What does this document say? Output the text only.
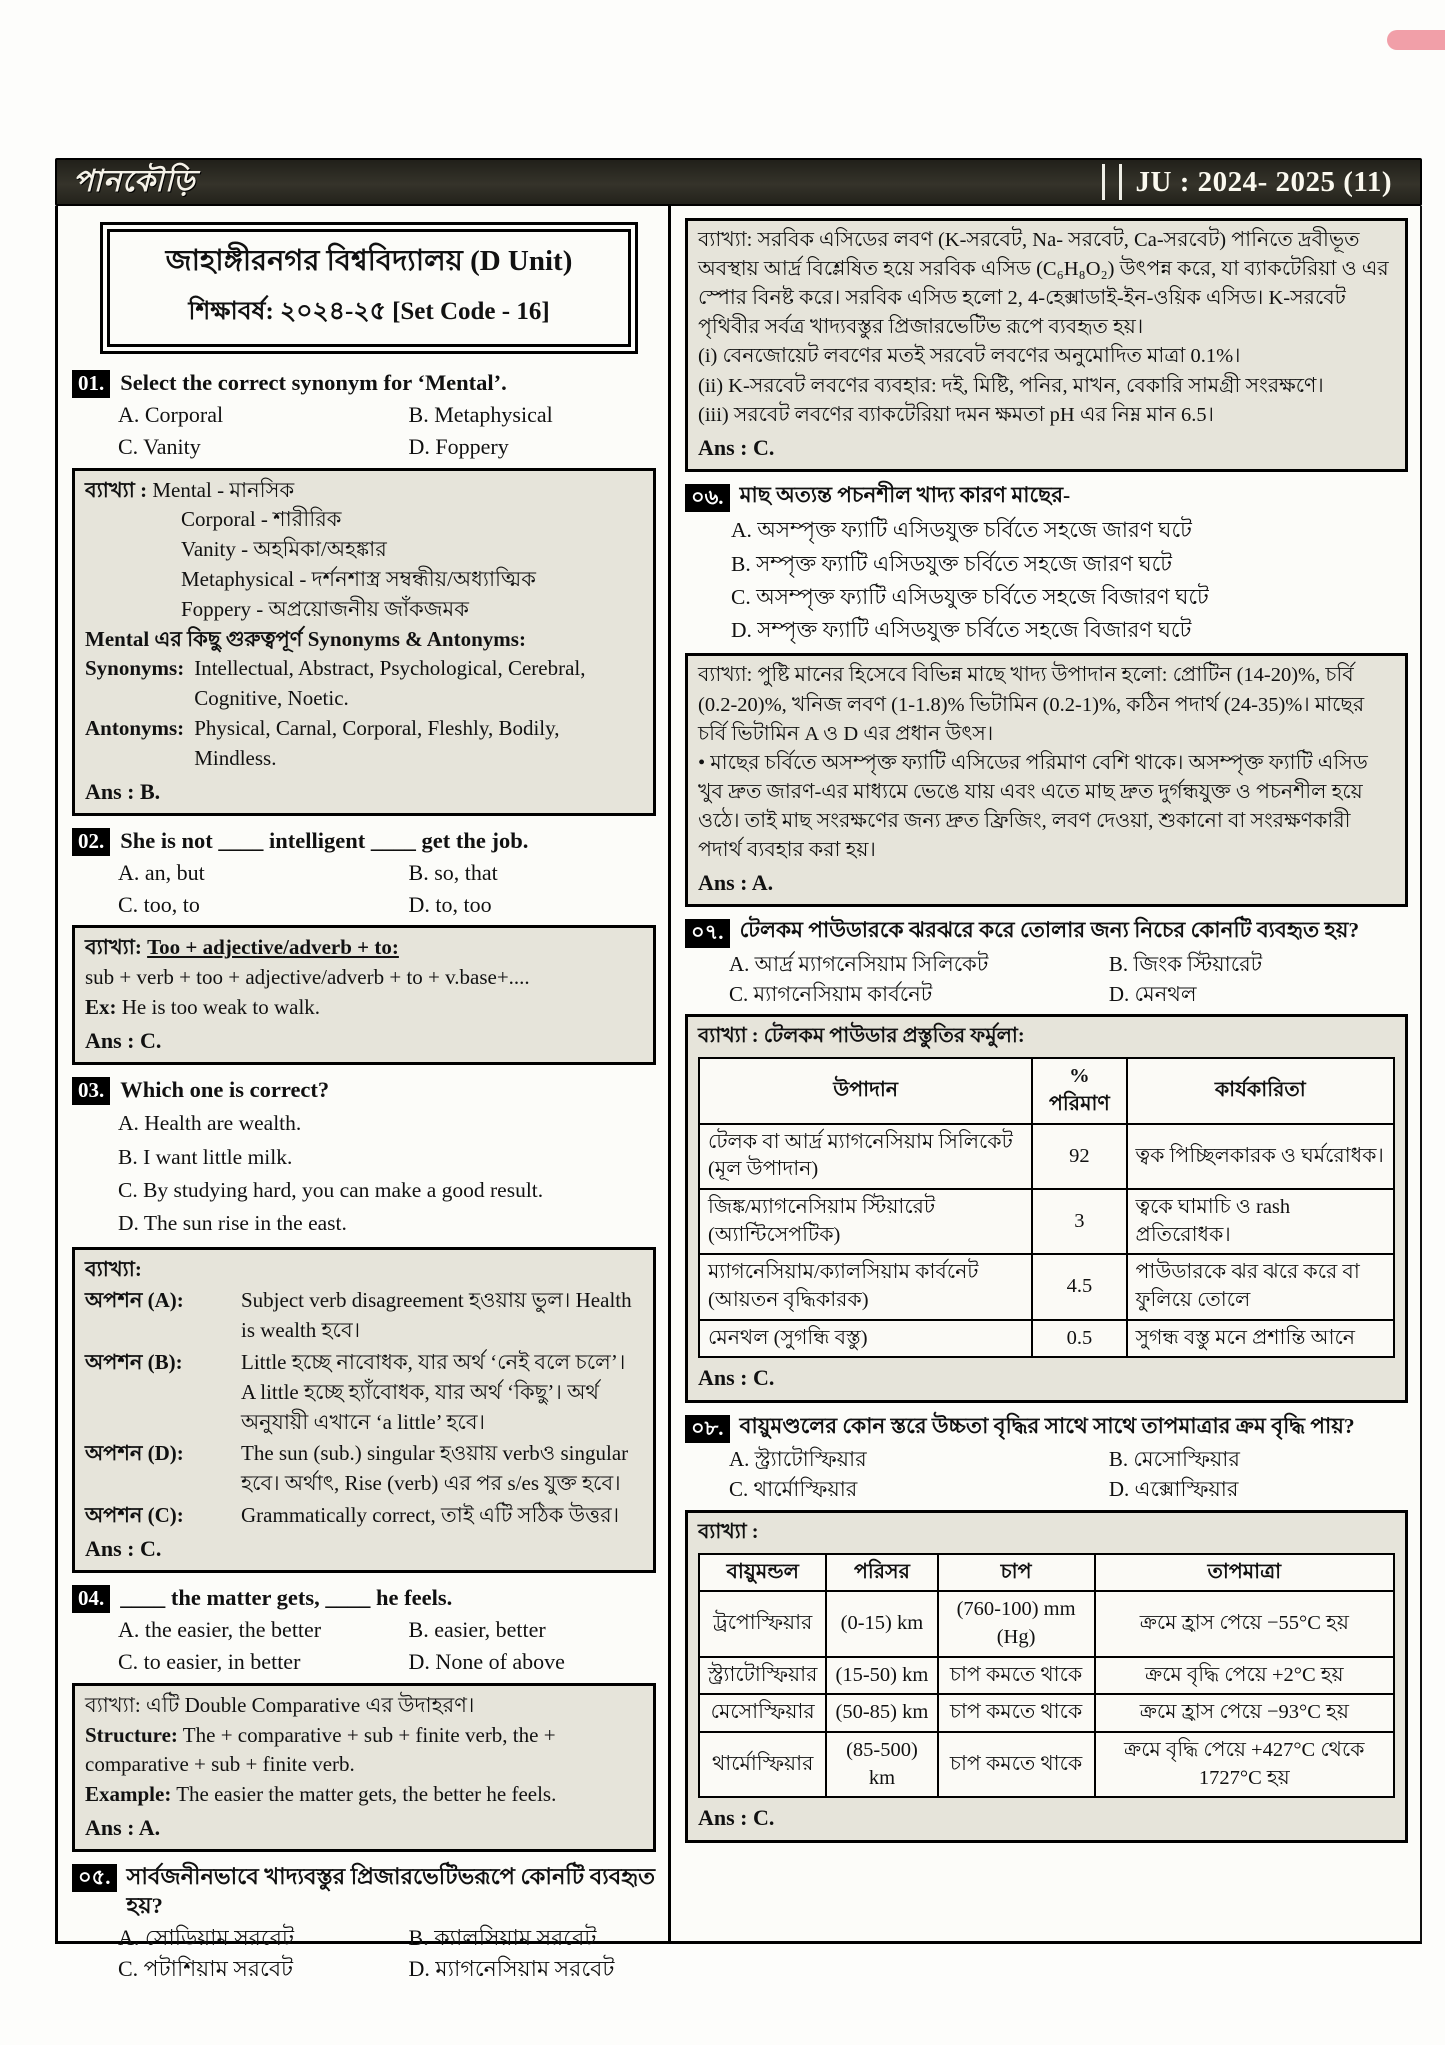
পানকৌড়ি	JU : 2024- 2025 (11)
জাহাঙ্গীরনগর বিশ্ববিদ্যালয় (D Unit)
শিক্ষাবর্ষ: ২০২৪-২৫ [Set Code - 16]
01. Select the correct synonym for ‘Mental’.
A. Corporal	B. Metaphysical
C. Vanity	D. Foppery
ব্যাখ্যা : Mental - মানসিক
Corporal - শারীরিক
Vanity - অহমিকা/অহঙ্কার
Metaphysical - দর্শনশাস্ত্র সম্বন্ধীয়/অধ্যাত্মিক
Foppery - অপ্রয়োজনীয় জাঁকজমক
Mental এর কিছু গুরুত্বপূর্ণ Synonyms & Antonyms:
Synonyms: Intellectual, Abstract, Psychological, Cerebral, Cognitive, Noetic.
Antonyms: Physical, Carnal, Corporal, Fleshly, Bodily, Mindless.
Ans : B.
02. She is not ____ intelligent ____ get the job.
A. an, but	B. so, that
C. too, to	D. to, too
ব্যাখ্যা: Too + adjective/adverb + to:
sub + verb + too + adjective/adverb + to + v.base+....
Ex: He is too weak to walk.
Ans : C.
03. Which one is correct?
A. Health are wealth.
B. I want little milk.
C. By studying hard, you can make a good result.
D. The sun rise in the east.
ব্যাখ্যা:
অপশন (A):	Subject verb disagreement হওয়ায় ভুল। Health is wealth হবে।
অপশন (B):	Little হচ্ছে নাবোধক, যার অর্থ ‘নেই বলে চলে’। A little হচ্ছে হ্যাঁবোধক, যার অর্থ ‘কিছু’। অর্থ অনুযায়ী এখানে ‘a little’ হবে।
অপশন (D):	The sun (sub.) singular হওয়ায় verbও singular হবে। অর্থাৎ, Rise (verb) এর পর s/es যুক্ত হবে।
অপশন (C):	Grammatically correct, তাই এটি সঠিক উত্তর।
Ans : C.
04. ____ the matter gets, ____ he feels.
A. the easier, the better	B. easier, better
C. to easier, in better	D. None of above
ব্যাখ্যা: এটি Double Comparative এর উদাহরণ।
Structure: The + comparative + sub + finite verb, the + comparative + sub + finite verb.
Example: The easier the matter gets, the better he feels.
Ans : A.
০৫. সার্বজনীনভাবে খাদ্যবস্তুর প্রিজারভেটিভরূপে কোনটি ব্যবহৃত হয়?
A. সোডিয়াম সরবেট	B. ক্যালসিয়াম সরবেট
C. পটাশিয়াম সরবেট	D. ম্যাগনেসিয়াম সরবেট
ব্যাখ্যা: সরবিক এসিডের লবণ (K-সরবেট, Na- সরবেট, Ca-সরবেট) পানিতে দ্রবীভূত অবস্থায় আর্দ্র বিশ্লেষিত হয়ে সরবিক এসিড (C₆H₈O₂) উৎপন্ন করে, যা ব্যাকটেরিয়া ও এর স্পোর বিনষ্ট করে। সরবিক এসিড হলো 2, 4-হেক্সাডাই-ইন-ওয়িক এসিড। K-সরবেট পৃথিবীর সর্বত্র খাদ্যবস্তুর প্রিজারভেটিভ রূপে ব্যবহৃত হয়।
(i) বেনজোয়েট লবণের মতই সরবেট লবণের অনুমোদিত মাত্রা 0.1%।
(ii) K-সরবেট লবণের ব্যবহার: দই, মিষ্টি, পনির, মাখন, বেকারি সামগ্রী সংরক্ষণে।
(iii) সরবেট লবণের ব্যাকটেরিয়া দমন ক্ষমতা pH এর নিম্ন মান 6.5।
Ans : C.
০৬. মাছ অত্যন্ত পচনশীল খাদ্য কারণ মাছের-
A. অসম্পৃক্ত ফ্যাটি এসিডযুক্ত চর্বিতে সহজে জারণ ঘটে
B. সম্পৃক্ত ফ্যাটি এসিডযুক্ত চর্বিতে সহজে জারণ ঘটে
C. অসম্পৃক্ত ফ্যাটি এসিডযুক্ত চর্বিতে সহজে বিজারণ ঘটে
D. সম্পৃক্ত ফ্যাটি এসিডযুক্ত চর্বিতে সহজে বিজারণ ঘটে
ব্যাখ্যা: পুষ্টি মানের হিসেবে বিভিন্ন মাছে খাদ্য উপাদান হলো: প্রোটিন (14-20)%, চর্বি (0.2-20)%, খনিজ লবণ (1-1.8)% ভিটামিন (0.2-1)%, কঠিন পদার্থ (24-35)%। মাছের চর্বি ভিটামিন A ও D এর প্রধান উৎস।
• মাছের চর্বিতে অসম্পৃক্ত ফ্যাটি এসিডের পরিমাণ বেশি থাকে। অসম্পৃক্ত ফ্যাটি এসিড খুব দ্রুত জারণ-এর মাধ্যমে ভেঙে যায় এবং এতে মাছ দ্রুত দুর্গন্ধযুক্ত ও পচনশীল হয়ে ওঠে। তাই মাছ সংরক্ষণের জন্য দ্রুত ফ্রিজিং, লবণ দেওয়া, শুকানো বা সংরক্ষণকারী পদার্থ ব্যবহার করা হয়।
Ans : A.
০৭. টেলকম পাউডারকে ঝরঝরে করে তোলার জন্য নিচের কোনটি ব্যবহৃত হয়?
A. আর্দ্র ম্যাগনেসিয়াম সিলিকেট	B. জিংক স্টিয়ারেট
C. ম্যাগনেসিয়াম কার্বনেট	D. মেনথল
ব্যাখ্যা : টেলকম পাউডার প্রস্তুতির ফর্মুলা:
উপাদান	% পরিমাণ	কার্যকারিতা
টেলক বা আর্দ্র ম্যাগনেসিয়াম সিলিকেট (মূল উপাদান)	92	ত্বক পিচ্ছিলকারক ও ঘর্মরোধক।
জিঙ্ক/ম্যাগনেসিয়াম স্টিয়ারেট (অ্যান্টিসেপটিক)	3	ত্বকে ঘামাচি ও rash প্রতিরোধক।
ম্যাগনেসিয়াম/ক্যালসিয়াম কার্বনেট (আয়তন বৃদ্ধিকারক)	4.5	পাউডারকে ঝর ঝরে করে বা ফুলিয়ে তোলে
মেনথল (সুগন্ধি বস্তু)	0.5	সুগন্ধ বস্তু মনে প্রশান্তি আনে
Ans : C.
০৮. বায়ুমণ্ডলের কোন স্তরে উচ্চতা বৃদ্ধির সাথে সাথে তাপমাত্রার ক্রম বৃদ্ধি পায়?
A. স্ট্র্যাটোস্ফিয়ার	B. মেসোস্ফিয়ার
C. থার্মোস্ফিয়ার	D. এক্সোস্ফিয়ার
ব্যাখ্যা :
বায়ুমন্ডল	পরিসর	চাপ	তাপমাত্রা
ট্রপোস্ফিয়ার	(0-15) km	(760-100) mm (Hg)	ক্রমে হ্রাস পেয়ে −55°C হয়
স্ট্র্যাটোস্ফিয়ার	(15-50) km	চাপ কমতে থাকে	ক্রমে বৃদ্ধি পেয়ে +2°C হয়
মেসোস্ফিয়ার	(50-85) km	চাপ কমতে থাকে	ক্রমে হ্রাস পেয়ে −93°C হয়
থার্মোস্ফিয়ার	(85-500) km	চাপ কমতে থাকে	ক্রমে বৃদ্ধি পেয়ে +427°C থেকে 1727°C হয়
Ans : C.
